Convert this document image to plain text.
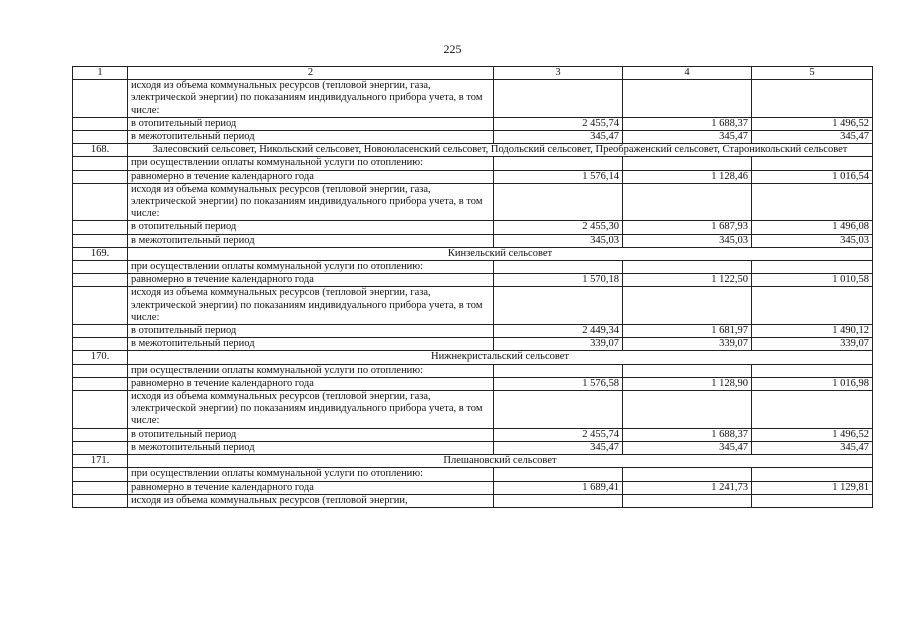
225
1	2	3	4	5
	исходя из объема коммунальных ресурсов (тепловой энергии, газа, электрической энергии) по показаниям индивидуального прибора учета, в том числе:			
	в отопительный период	2 455,74	1 688,37	1 496,52
	в межотопительный период	345,47	345,47	345,47
168.	Залесовский сельсовет, Никольский сельсовет, Новоюласенский сельсовет, Подольский сельсовет, Преображенский сельсовет, Староникольский сельсовет			
	при осуществлении оплаты коммунальной услуги по отоплению:			
	равномерно в течение календарного года	1 576,14	1 128,46	1 016,54
	исходя из объема коммунальных ресурсов (тепловой энергии, газа, электрической энергии) по показаниям индивидуального прибора учета, в том числе:			
	в отопительный период	2 455,30	1 687,93	1 496,08
	в межотопительный период	345,03	345,03	345,03
169.	Кинзельский сельсовет			
	при осуществлении оплаты коммунальной услуги по отоплению:			
	равномерно в течение календарного года	1 570,18	1 122,50	1 010,58
	исходя из объема коммунальных ресурсов (тепловой энергии, газа, электрической энергии) по показаниям индивидуального прибора учета, в том числе:			
	в отопительный период	2 449,34	1 681,97	1 490,12
	в межотопительный период	339,07	339,07	339,07
170.	Нижнекристальский сельсовет			
	при осуществлении оплаты коммунальной услуги по отоплению:			
	равномерно в течение календарного года	1 576,58	1 128,90	1 016,98
	исходя из объема коммунальных ресурсов (тепловой энергии, газа, электрической энергии) по показаниям индивидуального прибора учета, в том числе:			
	в отопительный период	2 455,74	1 688,37	1 496,52
	в межотопительный период	345,47	345,47	345,47
171.	Плешановский сельсовет			
	при осуществлении оплаты коммунальной услуги по отоплению:			
	равномерно в течение календарного года	1 689,41	1 241,73	1 129,81
	исходя из объема коммунальных ресурсов (тепловой энергии,			
